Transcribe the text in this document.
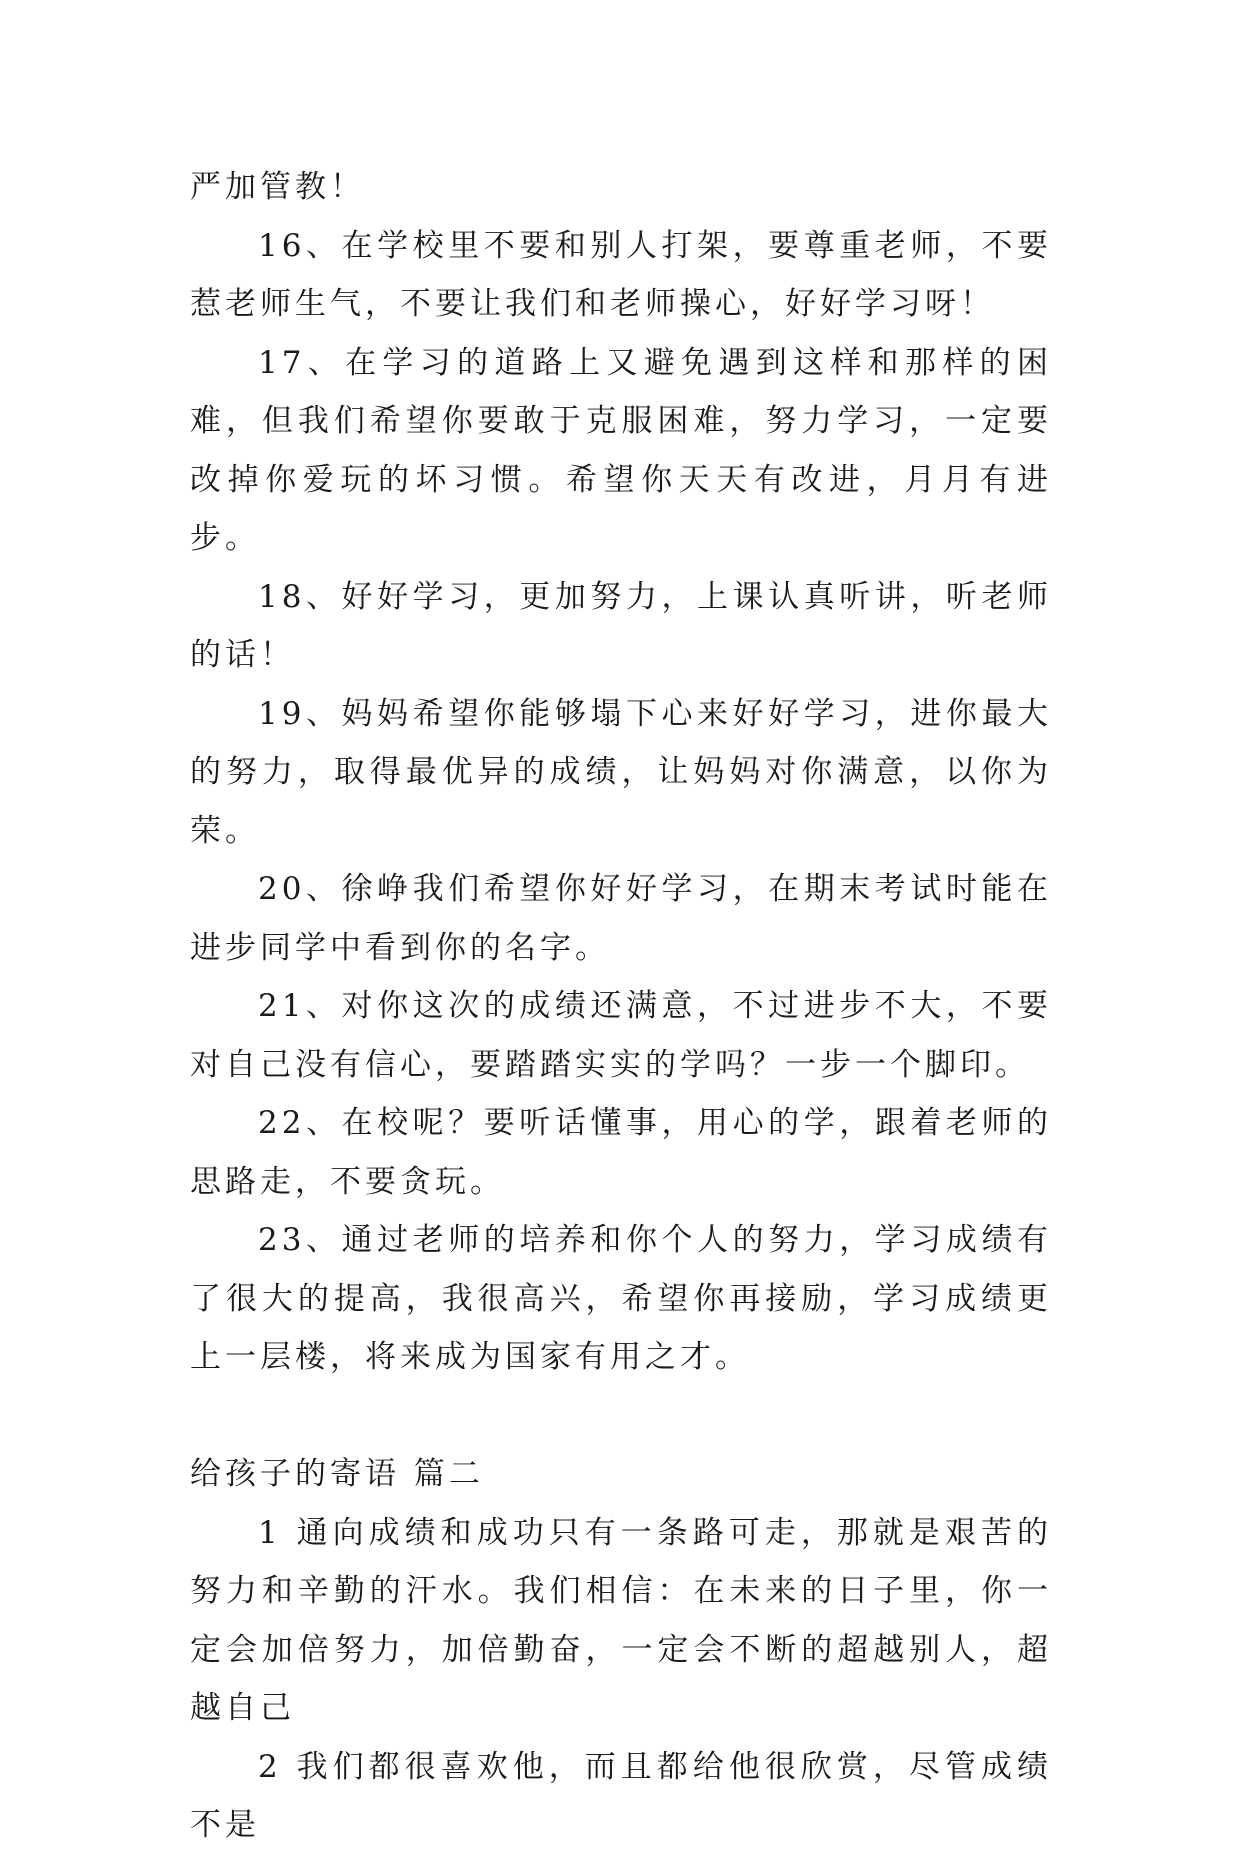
严加管教！

16、在学校里不要和别人打架，要尊重老师，不要惹老师生气，不要让我们和老师操心，好好学习呀！

17、在学习的道路上又避免遇到这样和那样的困难，但我们希望你要敢于克服困难，努力学习，一定要改掉你爱玩的坏习惯。希望你天天有改进，月月有进步。

18、好好学习，更加努力，上课认真听讲，听老师的话！

19、妈妈希望你能够塌下心来好好学习，进你最大的努力，取得最优异的成绩，让妈妈对你满意，以你为荣。

20、徐峥我们希望你好好学习，在期末考试时能在进步同学中看到你的名字。

21、对你这次的成绩还满意，不过进步不大，不要对自己没有信心，要踏踏实实的学吗？一步一个脚印。

22、在校呢？要听话懂事，用心的学，跟着老师的思路走，不要贪玩。

23、通过老师的培养和你个人的努力，学习成绩有了很大的提高，我很高兴，希望你再接励，学习成绩更上一层楼，将来成为国家有用之才。

给孩子的寄语 篇二

1 通向成绩和成功只有一条路可走，那就是艰苦的努力和辛勤的汗水。我们相信：在未来的日子里，你一定会加倍努力，加倍勤奋，一定会不断的超越别人，超越自己

2 我们都很喜欢他，而且都给他很欣赏，尽管成绩不是
